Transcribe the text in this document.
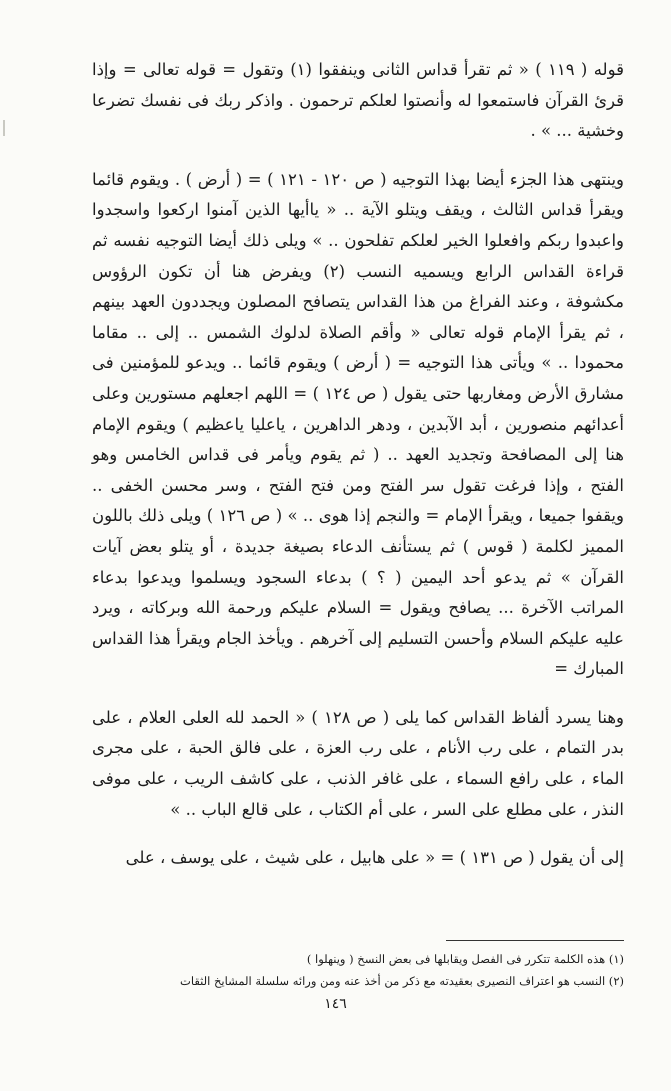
قوله ( ١١٩ ) « ثم تقرأ قداس الثانى وينفقوا (١) وتقول = قوله تعالى = وإذا قرئ القرآن فاستمعوا له وأنصتوا لعلكم ترحمون . واذكر ربك فى نفسك تضرعا وخشية ... » .

وينتهى هذا الجزء أيضا بهذا التوجيه ( ص ١٢٠ - ١٢١ ) = ( أرض ) . ويقوم قائما ويقرأ قداس الثالث ، ويقف ويتلو الآية .. « ياأيها الذين آمنوا اركعوا واسجدوا واعبدوا ربكم وافعلوا الخير لعلكم تفلحون .. » ويلى ذلك أيضا التوجيه نفسه ثم قراءة القداس الرابع ويسميه النسب (٢) ويفرض هنا أن تكون الرؤوس مكشوفة ، وعند الفراغ من هذا القداس يتصافح المصلون ويجددون العهد بينهم ، ثم يقرأ الإمام قوله تعالى « وأقم الصلاة لدلوك الشمس .. إلى .. مقاما محمودا .. » ويأتى هذا التوجيه = ( أرض ) ويقوم قائما .. ويدعو للمؤمنين فى مشارق الأرض ومغاربها حتى يقول ( ص ١٢٤ ) = اللهم اجعلهم مستورين وعلى أعدائهم منصورين ، أبد الآبدين ، ودهر الداهرين ، ياعليا ياعظيم ) ويقوم الإمام هنا إلى المصافحة وتجديد العهد .. ( ثم يقوم ويأمر فى قداس الخامس وهو الفتح ، وإذا فرغت تقول سر الفتح ومن فتح الفتح ، وسر محسن الخفى .. ويقفوا جميعا ، ويقرأ الإمام = والنجم إذا هوى .. » ( ص ١٢٦ ) ويلى ذلك باللون المميز لكلمة ( قوس ) ثم يستأنف الدعاء بصيغة جديدة ، أو يتلو بعض آيات القرآن » ثم يدعو أحد اليمين ( ؟ ) بدعاء السجود ويسلموا ويدعوا بدعاء المراتب الآخرة ... يصافح ويقول = السلام عليكم ورحمة الله وبركاته ، ويرد عليه عليكم السلام وأحسن التسليم إلى آخرهم . ويأخذ الجام ويقرأ هذا القداس المبارك =

وهنا يسرد ألفاظ القداس كما يلى ( ص ١٢٨ ) « الحمد لله العلى العلام ، على بدر التمام ، على رب الأنام ، على رب العزة ، على فالق الحبة ، على مجرى الماء ، على رافع السماء ، على غافر الذنب ، على كاشف الريب ، على موفى النذر ، على مطلع على السر ، على أم الكتاب ، على قالع الباب .. »

إلى أن يقول ( ص ١٣١ ) = « على هابيل ، على شيث ، على يوسف ، على

(١) هذه الكلمة تتكرر فى الفصل ويقابلها فى بعض النسخ ( وينهلوا )

(٢) النسب هو اعتراف النصيرى بعقيدته مع ذكر من أخذ عنه ومن ورائه سلسلة المشايخ الثقات

١٤٦
